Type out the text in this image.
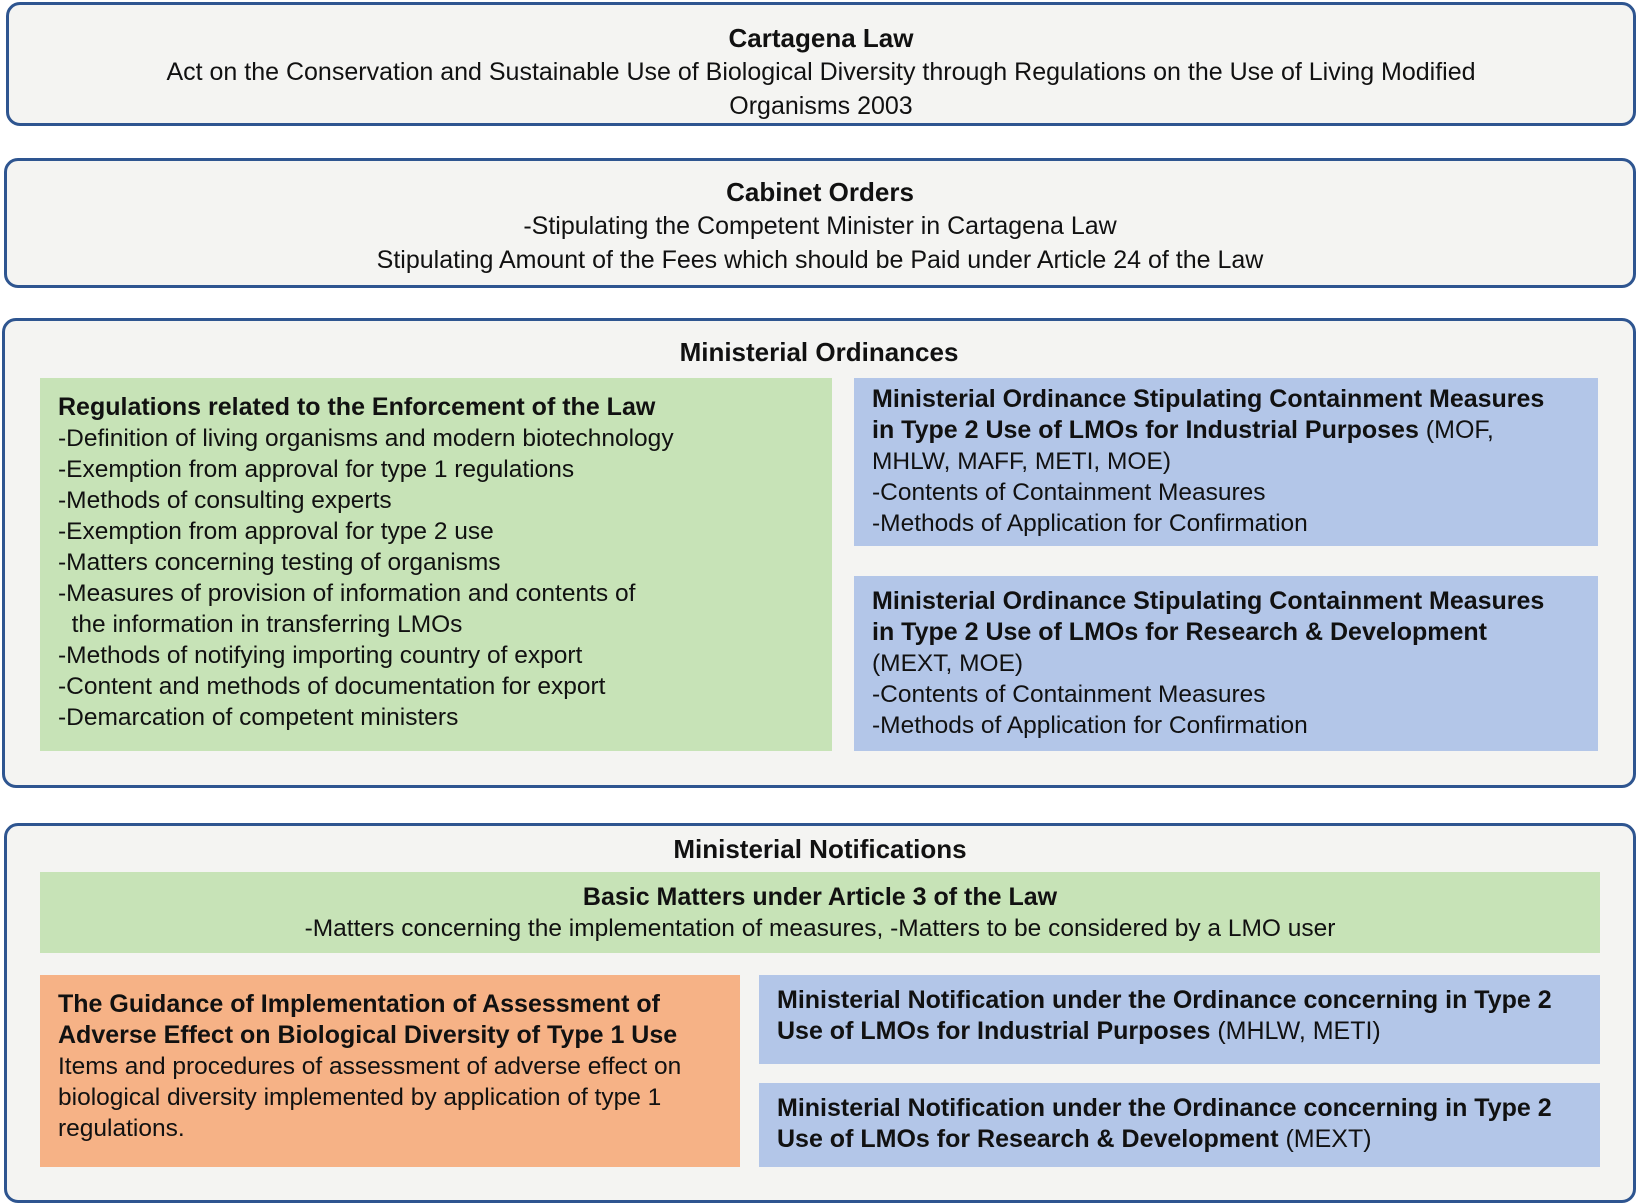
Cartagena Law
Act on the Conservation and Sustainable Use of Biological Diversity through Regulations on the Use of Living Modified
Organisms 2003
Cabinet Orders
-Stipulating the Competent Minister in Cartagena Law
Stipulating Amount of the Fees which should be Paid under Article 24 of the Law
Ministerial Ordinances
Regulations related to the Enforcement of the Law
-Definition of living organisms and modern biotechnology
-Exemption from approval for type 1 regulations
-Methods of consulting experts
-Exemption from approval for type 2 use
-Matters concerning testing of organisms
-Measures of provision of information and contents of
the information in transferring LMOs
-Methods of notifying importing country of export
-Content and methods of documentation for export
-Demarcation of competent ministers
Ministerial Ordinance Stipulating Containment Measures
in Type 2 Use of LMOs for Industrial Purposes (MOF,
MHLW, MAFF, METI, MOE)
-Contents of Containment Measures
-Methods of Application for Confirmation
Ministerial Ordinance Stipulating Containment Measures
in Type 2 Use of LMOs for Research & Development
(MEXT, MOE)
-Contents of Containment Measures
-Methods of Application for Confirmation
Ministerial Notifications
Basic Matters under Article 3 of the Law
-Matters concerning the implementation of measures, -Matters to be considered by a LMO user
The Guidance of Implementation of Assessment of
Adverse Effect on Biological Diversity of Type 1 Use
Items and procedures of assessment of adverse effect on
biological diversity implemented by application of type 1
regulations.
Ministerial Notification under the Ordinance concerning in Type 2
Use of LMOs for Industrial Purposes (MHLW, METI)
Ministerial Notification under the Ordinance concerning in Type 2
Use of LMOs for Research & Development (MEXT)
